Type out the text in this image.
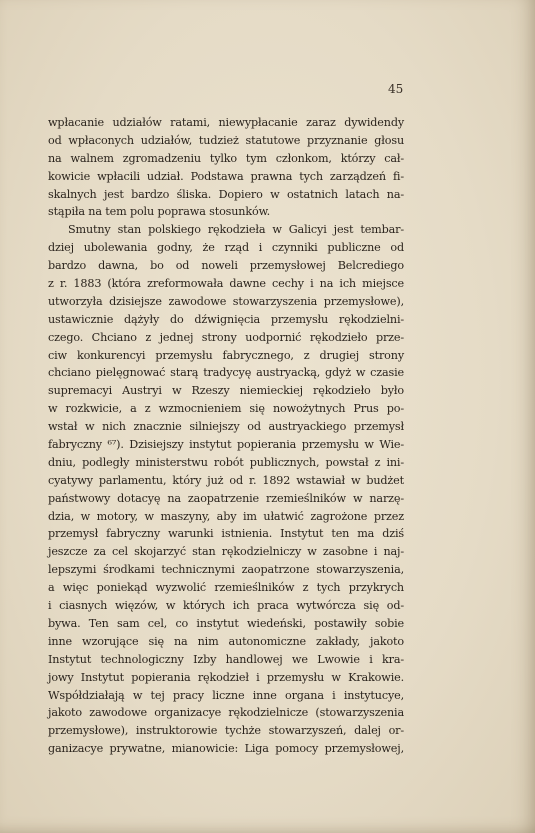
45
wpłacanie udziałów ratami, niewypłacanie zaraz dywidendy
od wpłaconych udziałów, tudzież statutowe przyznanie głosu
na walnem zgromadzeniu tylko tym członkom, którzy cał-
kowicie wpłacili udział. Podstawa prawna tych zarządzeń fi-
skalnych jest bardzo śliska. Dopiero w ostatnich latach na-
stąpiła na tem polu poprawa stosunków.
Smutny stan polskiego rękodzieła w Galicyi jest tembar-
dziej ubolewania godny, że rząd i czynniki publiczne od
bardzo dawna, bo od noweli przemysłowej Belcrediego
z r. 1883 (która zreformowała dawne cechy i na ich miejsce
utworzyła dzisiejsze zawodowe stowarzyszenia przemysłowe),
ustawicznie dążyły do dźwignięcia przemysłu rękodzielni-
czego. Chciano z jednej strony uodpornić rękodzieło prze-
ciw konkurencyi przemysłu fabrycznego, z drugiej strony
chciano pielęgnować starą tradycyę austryacką, gdyż w czasie
supremacyi Austryi w Rzeszy niemieckiej rękodzieło było
w rozkwicie, a z wzmocnieniem się nowożytnych Prus po-
wstał w nich znacznie silniejszy od austryackiego przemysł
fabryczny ⁶⁷). Dzisiejszy instytut popierania przemysłu w Wie-
dniu, podległy ministerstwu robót publicznych, powstał z ini-
cyatywy parlamentu, który już od r. 1892 wstawiał w budżet
państwowy dotacyę na zaopatrzenie rzemieślników w narzę-
dzia, w motory, w maszyny, aby im ułatwić zagrożone przez
przemysł fabryczny warunki istnienia. Instytut ten ma dziś
jeszcze za cel skojarzyć stan rękodzielniczy w zasobne i naj-
lepszymi środkami technicznymi zaopatrzone stowarzyszenia,
a więc poniekąd wyzwolić rzemieślników z tych przykrych
i ciasnych więzów, w których ich praca wytwórcza się od-
bywa. Ten sam cel, co instytut wiedeński, postawiły sobie
inne wzorujące się na nim autonomiczne zakłady, jakoto
Instytut technologiczny Izby handlowej we Lwowie i kra-
jowy Instytut popierania rękodzieł i przemysłu w Krakowie.
Współdziałają w tej pracy liczne inne organa i instytucye,
jakoto zawodowe organizacye rękodzielnicze (stowarzyszenia
przemysłowe), instruktorowie tychże stowarzyszeń, dalej or-
ganizacye prywatne, mianowicie: Liga pomocy przemysłowej,
